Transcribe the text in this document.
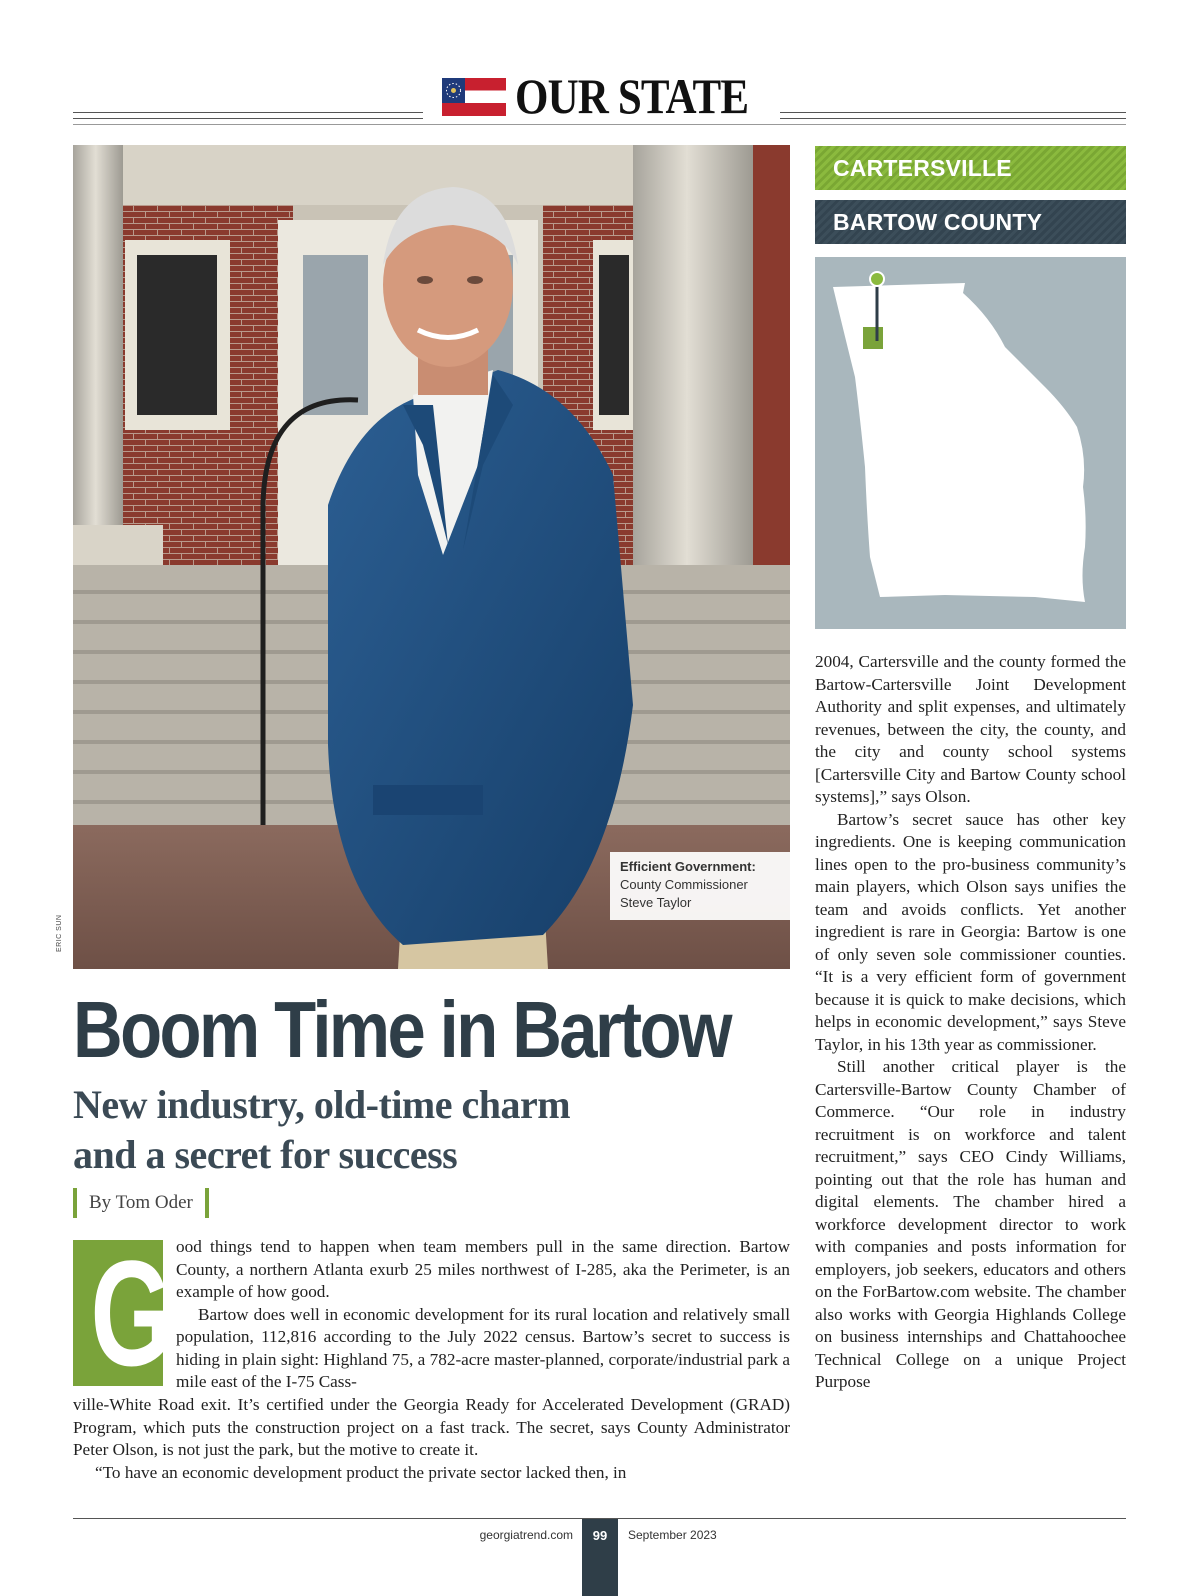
OUR STATE
Efficient Government:
County Commissioner
Steve Taylor
ERIC SUN
Boom Time in Bartow
New industry, old-time charm
and a secret for success
By Tom Oder
G ood things tend to happen when team members pull in the same direction. Bartow County, a northern Atlanta exurb 25 miles northwest of I-285, aka the Perimeter, is an example of how good.

Bartow does well in economic development for its rural location and relatively small population, 112,816 according to the July 2022 census. Bartow’s secret to success is hiding in plain sight: Highland 75, a 782-acre master-planned, corporate/industrial park a mile east of the I-75 Cass-

ville-White Road exit. It’s certified under the Georgia Ready for Accelerated Development (GRAD) Program, which puts the construction project on a fast track. The secret, says County Administrator Peter Olson, is not just the park, but the motive to create it.

“To have an economic development product the private sector lacked then, in

CARTERSVILLE
BARTOW COUNTY

2004, Cartersville and the county formed the Bartow-Cartersville Joint Development Authority and split expenses, and ultimately revenues, between the city, the county, and the city and county school systems [Cartersville City and Bartow County school systems],” says Olson.

Bartow’s secret sauce has other key ingredients. One is keeping communication lines open to the pro-business community’s main players, which Olson says unifies the team and avoids conflicts. Yet another ingredient is rare in Georgia: Bartow is one of only seven sole commissioner counties. “It is a very efficient form of government because it is quick to make decisions, which helps in economic development,” says Steve Taylor, in his 13th year as commissioner.

Still another critical player is the Cartersville-Bartow County Chamber of Commerce. “Our role in industry recruitment is on workforce and talent recruitment,” says CEO Cindy Williams, pointing out that the role has human and digital elements. The chamber hired a workforce development director to work with companies and posts information for employers, job seekers, educators and others on the ForBartow.com website. The chamber also works with Georgia Highlands College on business internships and Chattahoochee Technical College on a unique Project Purpose

georgiatrend.com	99	September 2023
